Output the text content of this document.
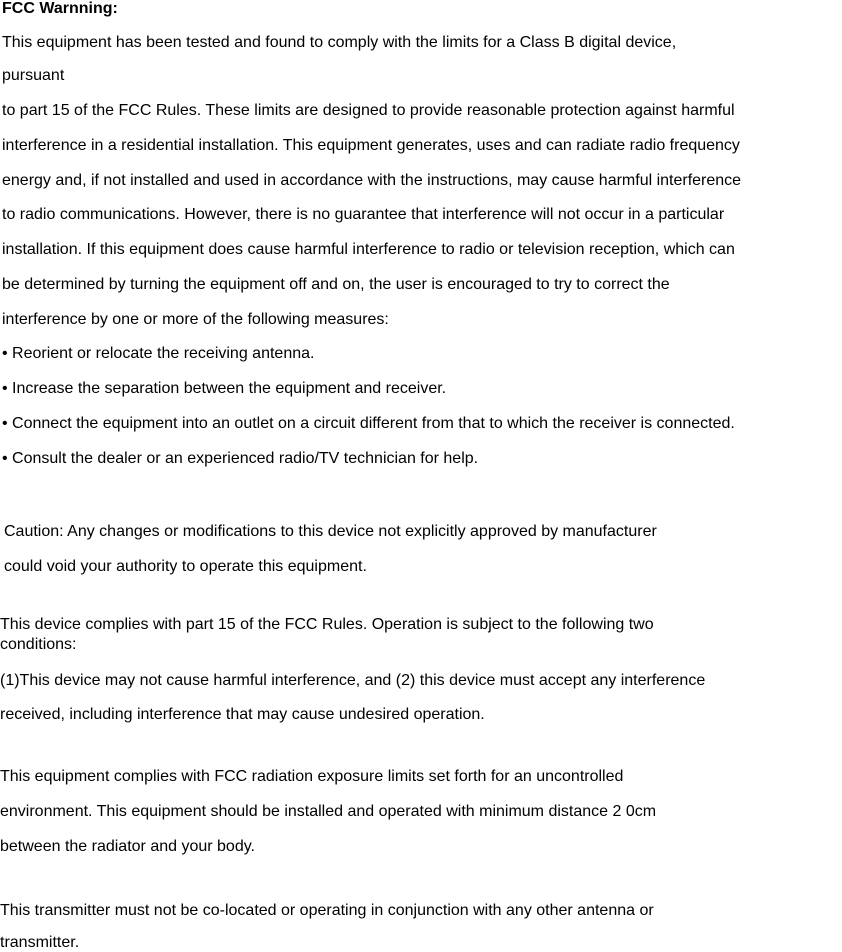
FCC Warnning:
This equipment has been tested and found to comply with the limits for a Class B digital device,
pursuant
to part 15 of the FCC Rules. These limits are designed to provide reasonable protection against harmful
interference in a residential installation. This equipment generates, uses and can radiate radio frequency
energy and, if not installed and used in accordance with the instructions, may cause harmful interference
to radio communications. However, there is no guarantee that interference will not occur in a particular
installation. If this equipment does cause harmful interference to radio or television reception, which can
be determined by turning the equipment off and on, the user is encouraged to try to correct the
interference by one or more of the following measures:
• Reorient or relocate the receiving antenna.
• Increase the separation between the equipment and receiver.
• Connect the equipment into an outlet on a circuit different from that to which the receiver is connected.
• Consult the dealer or an experienced radio/TV technician for help.
Caution: Any changes or modifications to this device not explicitly approved by manufacturer
could void your authority to operate this equipment.
This device complies with part 15 of the FCC Rules. Operation is subject to the following two
conditions:
(1)This device may not cause harmful interference, and (2) this device must accept any interference
received, including interference that may cause undesired operation.
This equipment complies with FCC radiation exposure limits set forth for an uncontrolled
environment. This equipment should be installed and operated with minimum distance 2 0cm
between the radiator and your body.
This transmitter must not be co-located or operating in conjunction with any other antenna or
transmitter.
